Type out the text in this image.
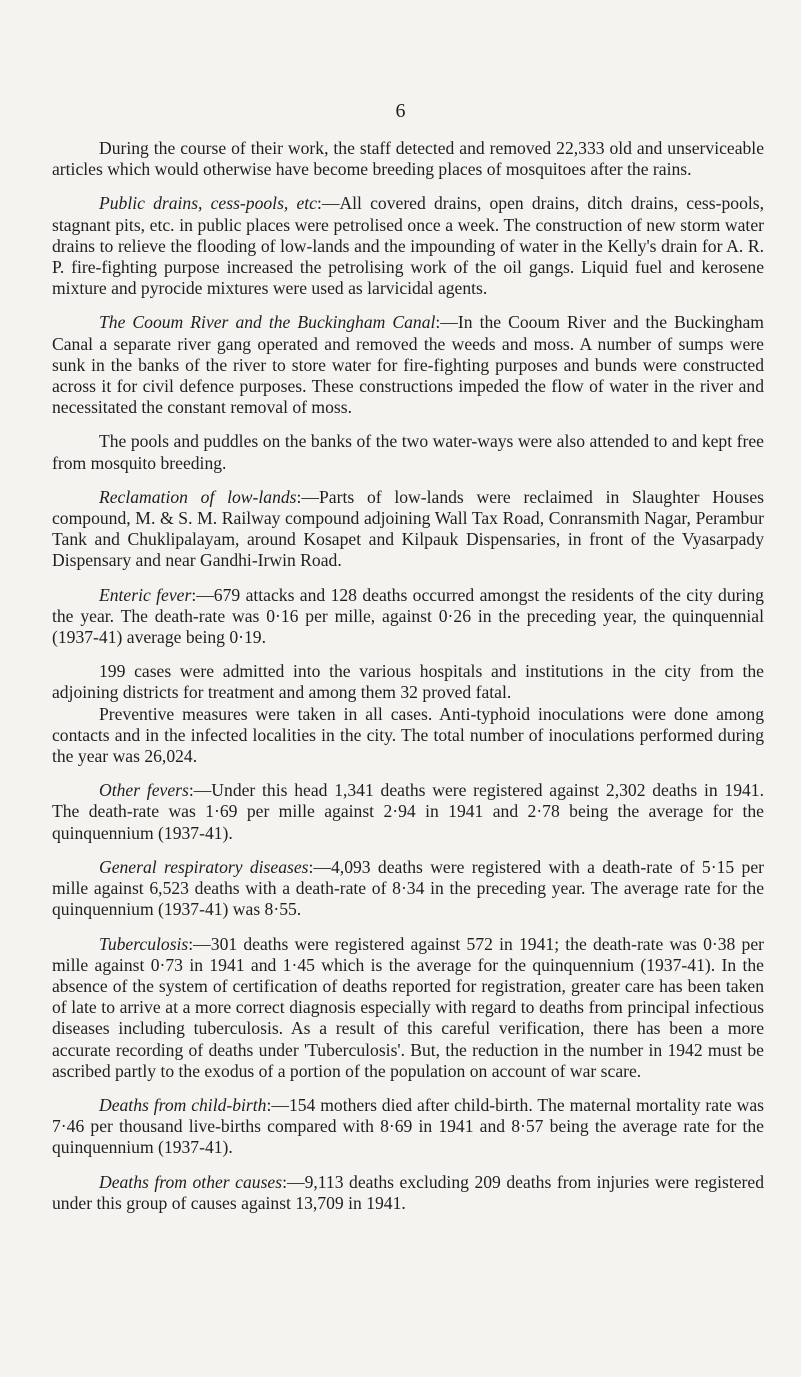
6

During the course of their work, the staff detected and removed 22,333 old and unserviceable articles which would otherwise have become breeding places of mosquitoes after the rains.

Public drains, cess-pools, etc:—All covered drains, open drains, ditch drains, cess-pools, stagnant pits, etc. in public places were petrolised once a week. The construction of new storm water drains to relieve the flooding of low-lands and the impounding of water in the Kelly's drain for A. R. P. fire-fighting purpose increased the petrolising work of the oil gangs. Liquid fuel and kerosene mixture and pyrocide mixtures were used as larvicidal agents.

The Cooum River and the Buckingham Canal:—In the Cooum River and the Buckingham Canal a separate river gang operated and removed the weeds and moss. A number of sumps were sunk in the banks of the river to store water for fire-fighting purposes and bunds were constructed across it for civil defence purposes. These constructions impeded the flow of water in the river and necessitated the constant removal of moss.

The pools and puddles on the banks of the two water-ways were also attended to and kept free from mosquito breeding.

Reclamation of low-lands:—Parts of low-lands were reclaimed in Slaughter Houses compound, M. & S. M. Railway compound adjoining Wall Tax Road, Conransmith Nagar, Perambur Tank and Chuklipalayam, around Kosapet and Kilpauk Dispensaries, in front of the Vyasarpady Dispensary and near Gandhi-Irwin Road.

Enteric fever:—679 attacks and 128 deaths occurred amongst the residents of the city during the year. The death-rate was 0·16 per mille, against 0·26 in the preceding year, the quinquennial (1937-41) average being 0·19.

199 cases were admitted into the various hospitals and institutions in the city from the adjoining districts for treatment and among them 32 proved fatal.

Preventive measures were taken in all cases. Anti-typhoid inoculations were done among contacts and in the infected localities in the city. The total number of inoculations performed during the year was 26,024.

Other fevers:—Under this head 1,341 deaths were registered against 2,302 deaths in 1941. The death-rate was 1·69 per mille against 2·94 in 1941 and 2·78 being the average for the quinquennium (1937-41).

General respiratory diseases:—4,093 deaths were registered with a death-rate of 5·15 per mille against 6,523 deaths with a death-rate of 8·34 in the preceding year. The average rate for the quinquennium (1937-41) was 8·55.

Tuberculosis:—301 deaths were registered against 572 in 1941; the death-rate was 0·38 per mille against 0·73 in 1941 and 1·45 which is the average for the quinquennium (1937-41). In the absence of the system of certification of deaths reported for registration, greater care has been taken of late to arrive at a more correct diagnosis especially with regard to deaths from principal infectious diseases including tuberculosis. As a result of this careful verification, there has been a more accurate recording of deaths under 'Tuberculosis'. But, the reduction in the number in 1942 must be ascribed partly to the exodus of a portion of the population on account of war scare.

Deaths from child-birth:—154 mothers died after child-birth. The maternal mortality rate was 7·46 per thousand live-births compared with 8·69 in 1941 and 8·57 being the average rate for the quinquennium (1937-41).

Deaths from other causes:—9,113 deaths excluding 209 deaths from injuries were registered under this group of causes against 13,709 in 1941.
